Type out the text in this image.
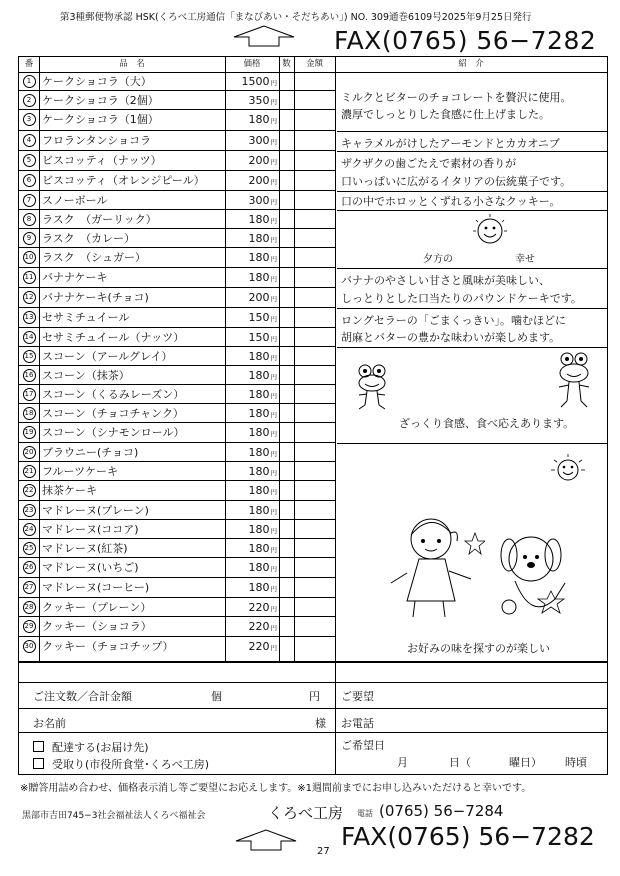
第3種郵便物承認 HSK(くろべ工房通信「まなびあい・そだちあい」) NO. 309通巻6109号2025年9月25日発行
FAX(0765) 56−7282
番	品　名	価格	数	金額	紹　介
1 ケークショコラ（大）	1500円
2 ケークショコラ（2個）	350円
3 ケークショコラ（1個）	180円
4 フロランタンショコラ	300円
5 ビスコッティ（ナッツ）	200円
6 ビスコッティ（オレンジピール）	200円
7 スノーボール	300円
8 ラスク　（ガーリック）	180円
9 ラスク　（カレー）	180円
10 ラスク　（シュガー）	180円
11 バナナケーキ	180円
12 バナナケーキ(チョコ)	200円
13 セサミチュイール	150円
14 セサミチュイール（ナッツ）	150円
15 スコーン（アールグレイ）	180円
16 スコーン（抹茶）	180円
17 スコーン（くるみレーズン）	180円
18 スコーン（チョコチャンク）	180円
19 スコーン（シナモンロール）	180円
20 ブラウニー(チョコ)	180円
21 フルーツケーキ	180円
22 抹茶ケーキ	180円
23 マドレーヌ(プレーン)	180円
24 マドレーヌ(ココア)	180円
25 マドレーヌ(紅茶)	180円
26 マドレーヌ(いちご)	180円
27 マドレーヌ(コーヒー)	180円
28 クッキー（プレーン）	220円
29 クッキー（ショコラ）	220円
30 クッキー（チョコチップ）	220円
ミルクとビターのチョコレートを贅沢に使用。
濃厚でしっとりした食感に仕上げました。
キャラメルがけしたアーモンドとカカオニブ
ザクザクの歯ごたえで素材の香りが
口いっぱいに広がるイタリアの伝統菓子です。
口の中でホロッとくずれる小さなクッキー。
夕方の	幸せ
バナナのやさしい甘さと風味が美味しい、
しっとりとした口当たりのパウンドケーキです。
ロングセラーの「ごまくっきい」。噛むほどに
胡麻とバターの豊かな味わいが楽しめます。
ざっくり食感、食べ応えあります。
お好みの味を探すのが楽しい
ご注文数／合計金額	個	円 ご要望
お名前	様 お電話
配達する(お届け先)
受取り(市役所食堂･くろべ工房)
ご希望日
月	日（	曜日） 時頃
※贈答用詰め合わせ、価格表示消し等ご要望にお応えします。※1週間前までにお申し込みいただけると幸いです。
黒部市吉田745−3社会福祉法人くろべ福祉会	くろべ工房 電話 (0765) 56−7284
FAX(0765) 56−7282
27
